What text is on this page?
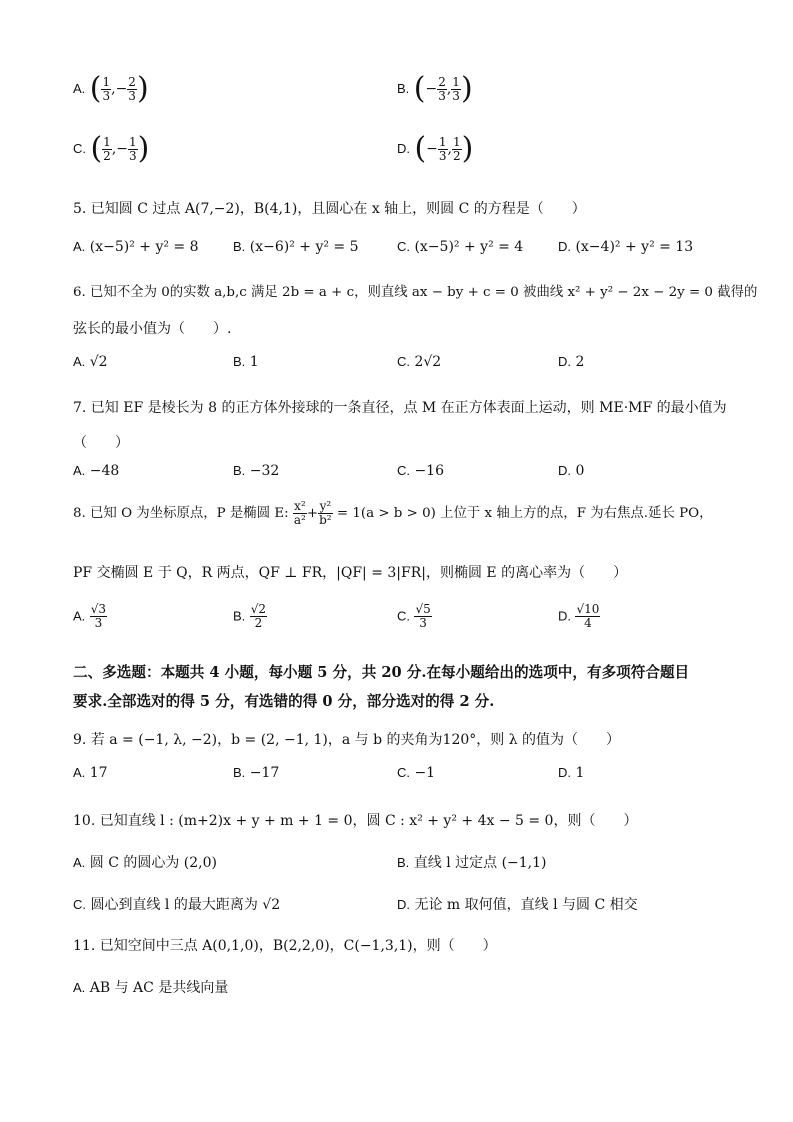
A. ( $\frac{1}{3}$ ,− $\frac{2}{3}$ )	B. (− $\frac{2}{3}$ , $\frac{1}{3}$ )
C. ( $\frac{1}{2}$ ,− $\frac{1}{3}$ )	D. (− $\frac{1}{3}$ , $\frac{1}{2}$ )
5. 已知圆 C 过点 A(7,−2)，B(4,1)，且圆心在 x 轴上，则圆 C 的方程是（　　）
A. (x−5)² + y² = 8	B. (x−6)² + y² = 5	C. (x−5)² + y² = 4	D. (x−4)² + y² = 13
6. 已知不全为 0的实数 a,b,c 满足 2b = a + c，则直线 ax − by + c = 0 被曲线 x² + y² − 2x − 2y = 0 截得的
弦长的最小值为（　　）.
A. √2	B. 1	C. 2√2	D. 2
7. 已知 EF 是棱长为 8 的正方体外接球的一条直径，点 M 在正方体表面上运动，则 ME·MF 的最小值为
（　　）
A. −48	B. −32	C. −16	D. 0
8. 已知 O 为坐标原点，P 是椭圆 E: $\frac{\text{x²}}{\text{a²}} + \frac{\text{y²}}{\text{b²}} = 1(a > b > 0)$ 上位于 x 轴上方的点，F 为右焦点.延长 PO，
PF 交椭圆 E 于 Q，R 两点，QF ⊥ FR，|QF| = 3|FR|，则椭圆 E 的离心率为（　　）
A. $\frac{√3}{3}$	B. $\frac{√2}{2}$	C. $\frac{√5}{3}$	D. $\frac{√10}{4}$
二、多选题：本题共 4 小题，每小题 5 分，共 20 分.在每小题给出的选项中，有多项符合题目
要求.全部选对的得 5 分，有选错的得 0 分，部分选对的得 2 分.
9. 若 a = (−1, λ, −2)，b = (2, −1, 1)，a 与 b 的夹角为120°，则 λ 的值为（　　）
A. 17	B. −17	C. −1	D. 1
10. 已知直线 l : (m+2)x + y + m + 1 = 0，圆 C : x² + y² + 4x − 5 = 0，则（　　）
A. 圆 C 的圆心为 (2,0)	B. 直线 l 过定点 (−1,1)
C. 圆心到直线 l 的最大距离为 √2	D. 无论 m 取何值，直线 l 与圆 C 相交
11. 已知空间中三点 A(0,1,0)，B(2,2,0)，C(−1,3,1)，则（　　）
A. AB 与 AC 是共线向量
